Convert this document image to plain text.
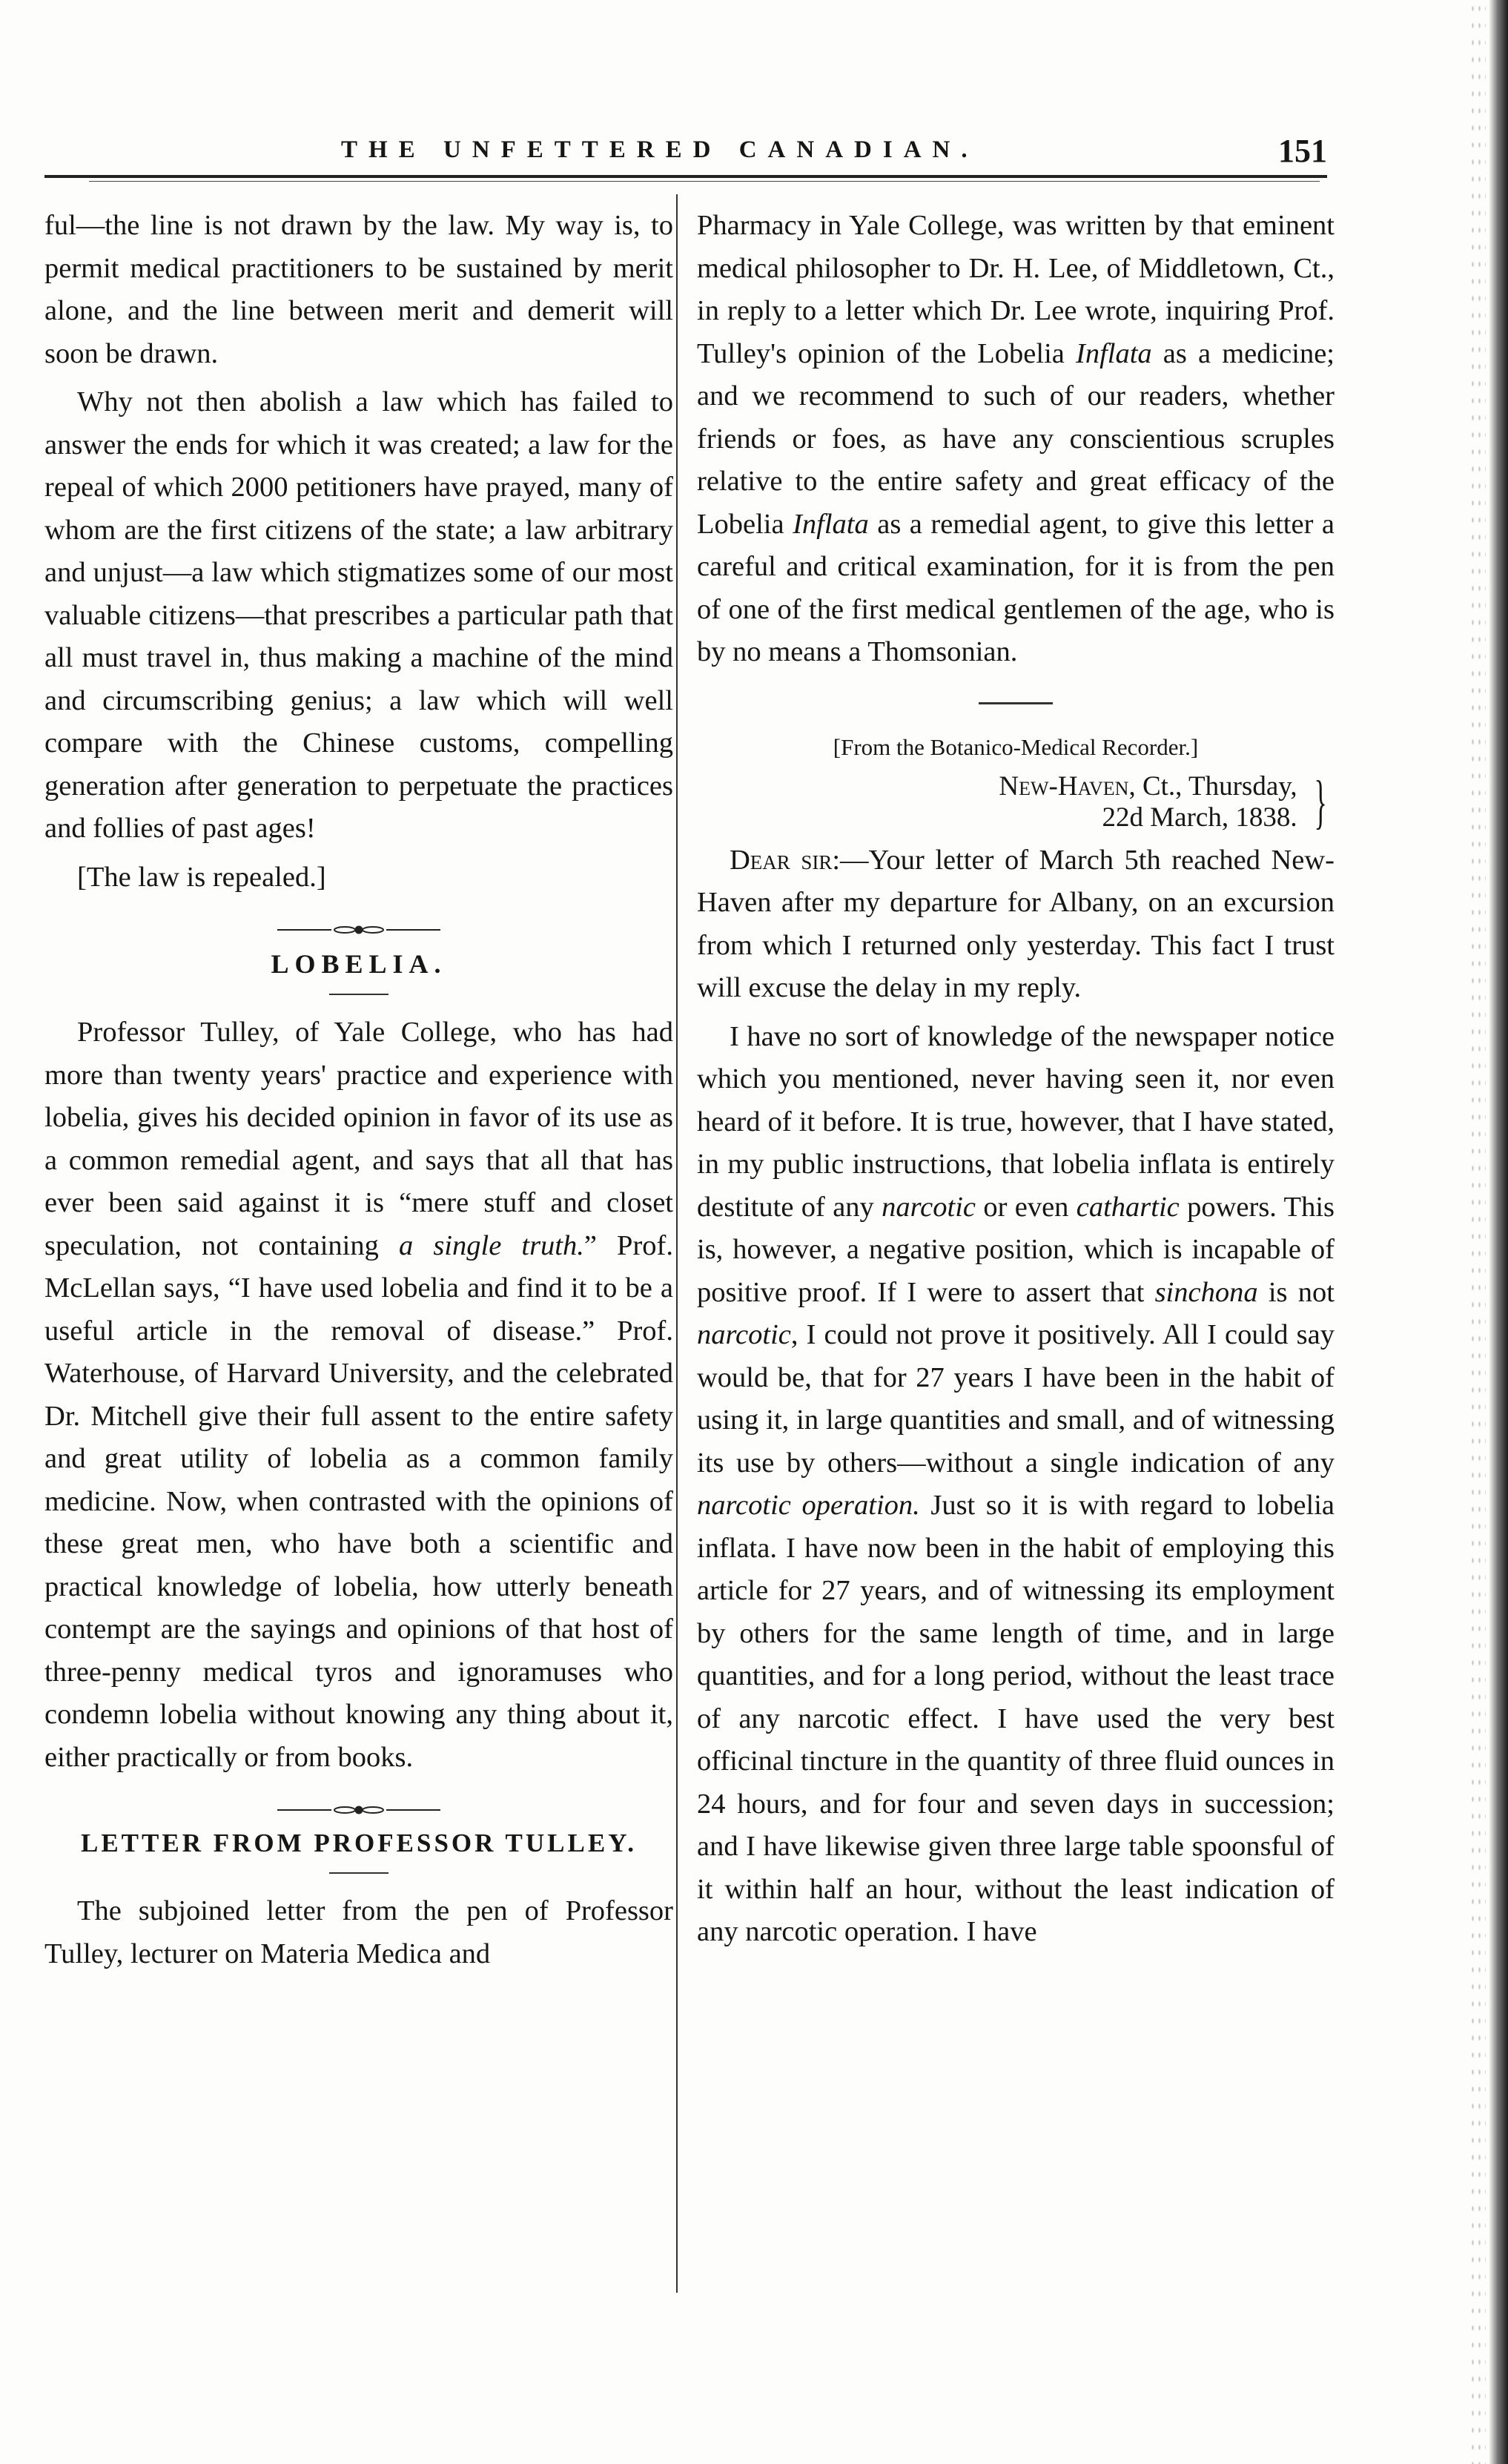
THE UNFETTERED CANADIAN.	151

ful—the line is not drawn by the law. My way is, to permit medical practitioners to be sustained by merit alone, and the line between merit and demerit will soon be drawn.

Why not then abolish a law which has failed to answer the ends for which it was created; a law for the repeal of which 2000 petitioners have prayed, many of whom are the first citizens of the state; a law arbitrary and unjust—a law which stigmatizes some of our most valuable citizens—that prescribes a particular path that all must travel in, thus making a machine of the mind and circumscribing genius; a law which will well compare with the Chinese customs, compelling generation after generation to perpetuate the practices and follies of past ages!

[The law is repealed.]

LOBELIA.

Professor Tulley, of Yale College, who has had more than twenty years' practice and experience with lobelia, gives his decided opinion in favor of its use as a common remedial agent, and says that all that has ever been said against it is “mere stuff and closet speculation, not containing a single truth.” Prof. McLellan says, “I have used lobelia and find it to be a useful article in the removal of disease.” Prof. Waterhouse, of Harvard University, and the celebrated Dr. Mitchell give their full assent to the entire safety and great utility of lobelia as a common family medicine. Now, when contrasted with the opinions of these great men, who have both a scientific and practical knowledge of lobelia, how utterly beneath contempt are the sayings and opinions of that host of three-penny medical tyros and ignoramuses who condemn lobelia without knowing any thing about it, either practically or from books.

LETTER FROM PROFESSOR TULLEY.

The subjoined letter from the pen of Professor Tulley, lecturer on Materia Medica and

Pharmacy in Yale College, was written by that eminent medical philosopher to Dr. H. Lee, of Middletown, Ct., in reply to a letter which Dr. Lee wrote, inquiring Prof. Tulley's opinion of the Lobelia Inflata as a medicine; and we recommend to such of our readers, whether friends or foes, as have any conscientious scruples relative to the entire safety and great efficacy of the Lobelia Inflata as a remedial agent, to give this letter a careful and critical examination, for it is from the pen of one of the first medical gentlemen of the age, who is by no means a Thomsonian.

[From the Botanico-Medical Recorder.]
New-Haven, Ct., Thursday,
22d March, 1838. }

Dear sir:—Your letter of March 5th reached New-Haven after my departure for Albany, on an excursion from which I returned only yesterday. This fact I trust will excuse the delay in my reply.

I have no sort of knowledge of the newspaper notice which you mentioned, never having seen it, nor even heard of it before. It is true, however, that I have stated, in my public instructions, that lobelia inflata is entirely destitute of any narcotic or even cathartic powers. This is, however, a negative position, which is incapable of positive proof. If I were to assert that sinchona is not narcotic, I could not prove it positively. All I could say would be, that for 27 years I have been in the habit of using it, in large quantities and small, and of witnessing its use by others—without a single indication of any narcotic operation. Just so it is with regard to lobelia inflata. I have now been in the habit of employing this article for 27 years, and of witnessing its employment by others for the same length of time, and in large quantities, and for a long period, without the least trace of any narcotic effect. I have used the very best officinal tincture in the quantity of three fluid ounces in 24 hours, and for four and seven days in succession; and I have likewise given three large table spoonsful of it within half an hour, without the least indication of any narcotic operation. I have
